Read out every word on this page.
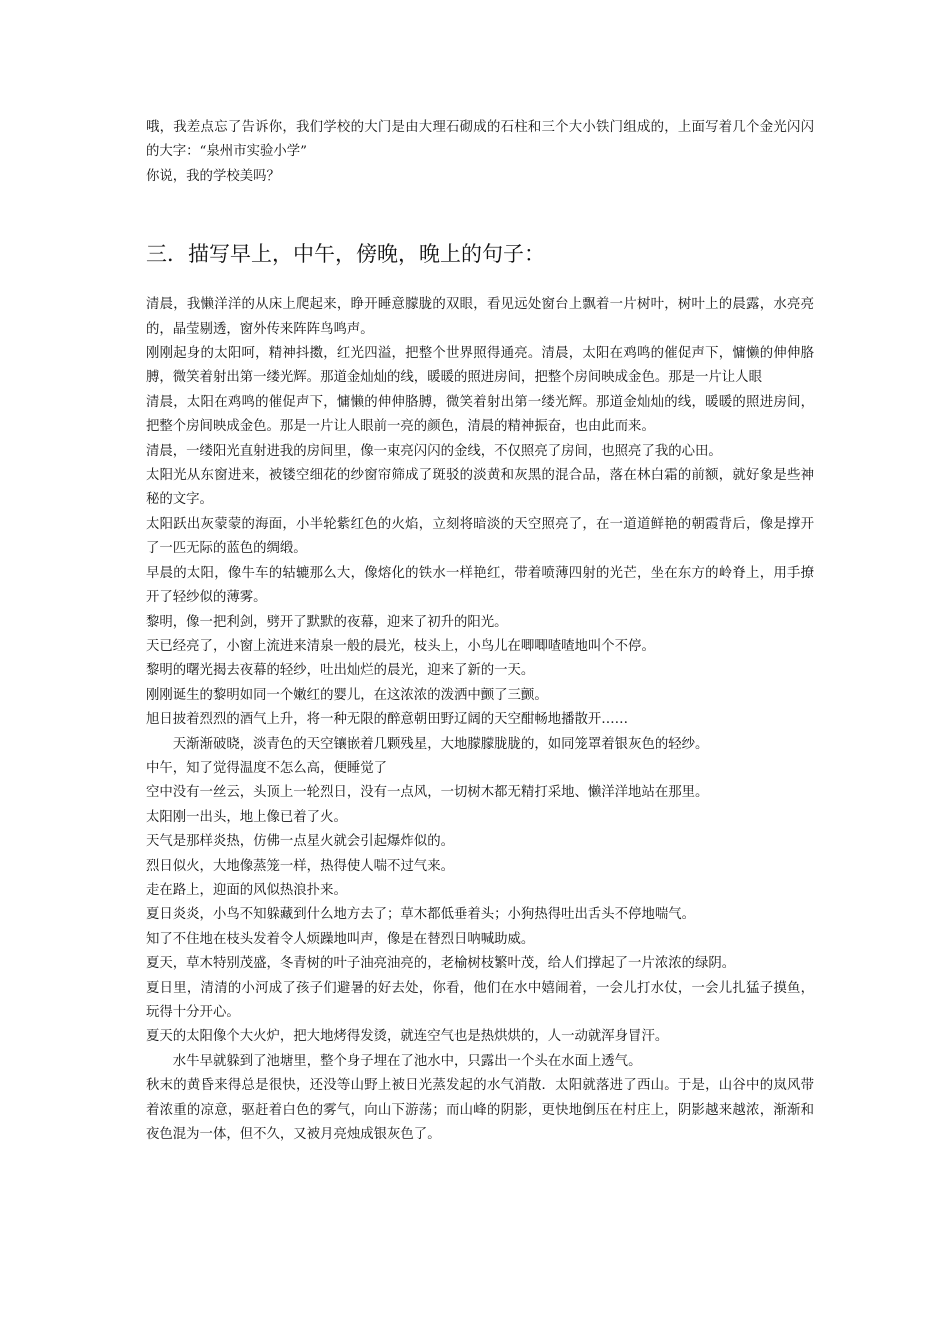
哦，我差点忘了告诉你，我们学校的大门是由大理石砌成的石柱和三个大小铁门组成的，上面写着几个金光闪闪的大字：“泉州市实验小学”

你说，我的学校美吗？

三．描写早上，中午，傍晚，晚上的句子：

清晨，我懒洋洋的从床上爬起来，睁开睡意朦胧的双眼，看见远处窗台上飘着一片树叶，树叶上的晨露，水亮亮的，晶莹剔透，窗外传来阵阵鸟鸣声。

刚刚起身的太阳呵，精神抖擞，红光四溢，把整个世界照得通亮。清晨，太阳在鸡鸣的催促声下，慵懒的伸伸胳膊，微笑着射出第一缕光辉。那道金灿灿的线，暖暖的照进房间，把整个房间映成金色。那是一片让人眼

清晨，太阳在鸡鸣的催促声下，慵懒的伸伸胳膊，微笑着射出第一缕光辉。那道金灿灿的线，暖暖的照进房间，把整个房间映成金色。那是一片让人眼前一亮的颜色，清晨的精神振奋，也由此而来。

清晨，一缕阳光直射进我的房间里，像一束亮闪闪的金线，不仅照亮了房间，也照亮了我的心田。

太阳光从东窗进来，被镂空细花的纱窗帘筛成了斑驳的淡黄和灰黑的混合品，落在林白霜的前额，就好象是些神秘的文字。

太阳跃出灰蒙蒙的海面，小半轮紫红色的火焰，立刻将暗淡的天空照亮了，在一道道鲜艳的朝霞背后，像是撑开了一匹无际的蓝色的绸缎。

早晨的太阳，像牛车的轱辘那么大，像熔化的铁水一样艳红，带着喷薄四射的光芒，坐在东方的岭脊上，用手撩开了轻纱似的薄雾。

黎明，像一把利剑，劈开了默默的夜幕，迎来了初升的阳光。

天已经亮了，小窗上流进来清泉一般的晨光，枝头上，小鸟儿在唧唧喳喳地叫个不停。

黎明的曙光揭去夜幕的轻纱，吐出灿烂的晨光，迎来了新的一天。

刚刚诞生的黎明如同一个嫩红的婴儿，在这浓浓的泼洒中颤了三颤。

旭日披着烈烈的酒气上升，将一种无限的醉意朝田野辽阔的天空酣畅地播散开……

天渐渐破晓，淡青色的天空镶嵌着几颗残星，大地朦朦胧胧的，如同笼罩着银灰色的轻纱。

中午，知了觉得温度不怎么高，便睡觉了

空中没有一丝云，头顶上一轮烈日，没有一点风，一切树木都无精打采地、懒洋洋地站在那里。

太阳刚一出头，地上像已着了火。

天气是那样炎热，仿佛一点星火就会引起爆炸似的。

烈日似火，大地像蒸笼一样，热得使人喘不过气来。

走在路上，迎面的风似热浪扑来。

夏日炎炎，小鸟不知躲藏到什么地方去了；草木都低垂着头；小狗热得吐出舌头不停地喘气。

知了不住地在枝头发着令人烦躁地叫声，像是在替烈日呐喊助威。

夏天，草木特别茂盛，冬青树的叶子油亮油亮的，老榆树枝繁叶茂，给人们撑起了一片浓浓的绿阴。

夏日里，清清的小河成了孩子们避暑的好去处，你看，他们在水中嬉闹着，一会儿打水仗，一会儿扎猛子摸鱼，玩得十分开心。

夏天的太阳像个大火炉，把大地烤得发烫，就连空气也是热烘烘的，人一动就浑身冒汗。

水牛早就躲到了池塘里，整个身子埋在了池水中，只露出一个头在水面上透气。

秋末的黄昏来得总是很快，还没等山野上被日光蒸发起的水气消散．太阳就落进了西山。于是，山谷中的岚风带着浓重的凉意，驱赶着白色的雾气，向山下游荡；而山峰的阴影，更快地倒压在村庄上，阴影越来越浓，渐渐和夜色混为一体，但不久，又被月亮烛成银灰色了。
